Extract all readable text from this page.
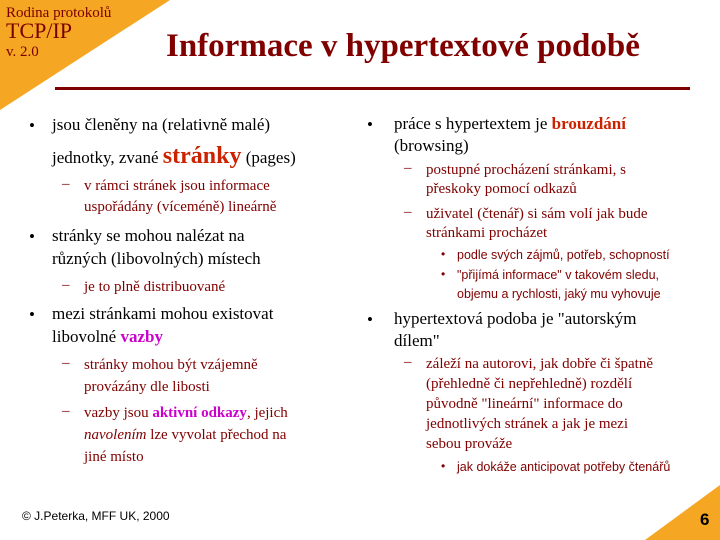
Rodina protokolů
TCP/IP
v. 2.0	Informace v hypertextové podobě
• jsou členěny na (relativně malé)
jednotky, zvané stránky (pages)
– v rámci stránek jsou informace
uspořádány (víceméně) lineárně
• stránky se mohou nalézat na
různých (libovolných) místech
– je to plně distribuované
• mezi stránkami mohou existovat
libovolné vazby
– stránky mohou být vzájemně
provázány dle libosti
– vazby jsou aktivní odkazy, jejich
navolením lze vyvolat přechod na
jiné místo
• práce s hypertextem je brouzdání
(browsing)
– postupné procházení stránkami, s
přeskoky pomocí odkazů
– uživatel (čtenář) si sám volí jak bude
stránkami procházet
• podle svých zájmů, potřeb, schopností
• "přijímá informace" v takovém sledu,
objemu a rychlosti, jaký mu vyhovuje
• hypertextová podoba je "autorským
dílem"
– záleží na autorovi, jak dobře či špatně
(přehledně či nepřehledně) rozdělí
původně "lineární" informace do
jednotlivých stránek a jak je mezi
sebou prováže
• jak dokáže anticipovat potřeby čtenářů
© J.Peterka, MFF UK, 2000	6
